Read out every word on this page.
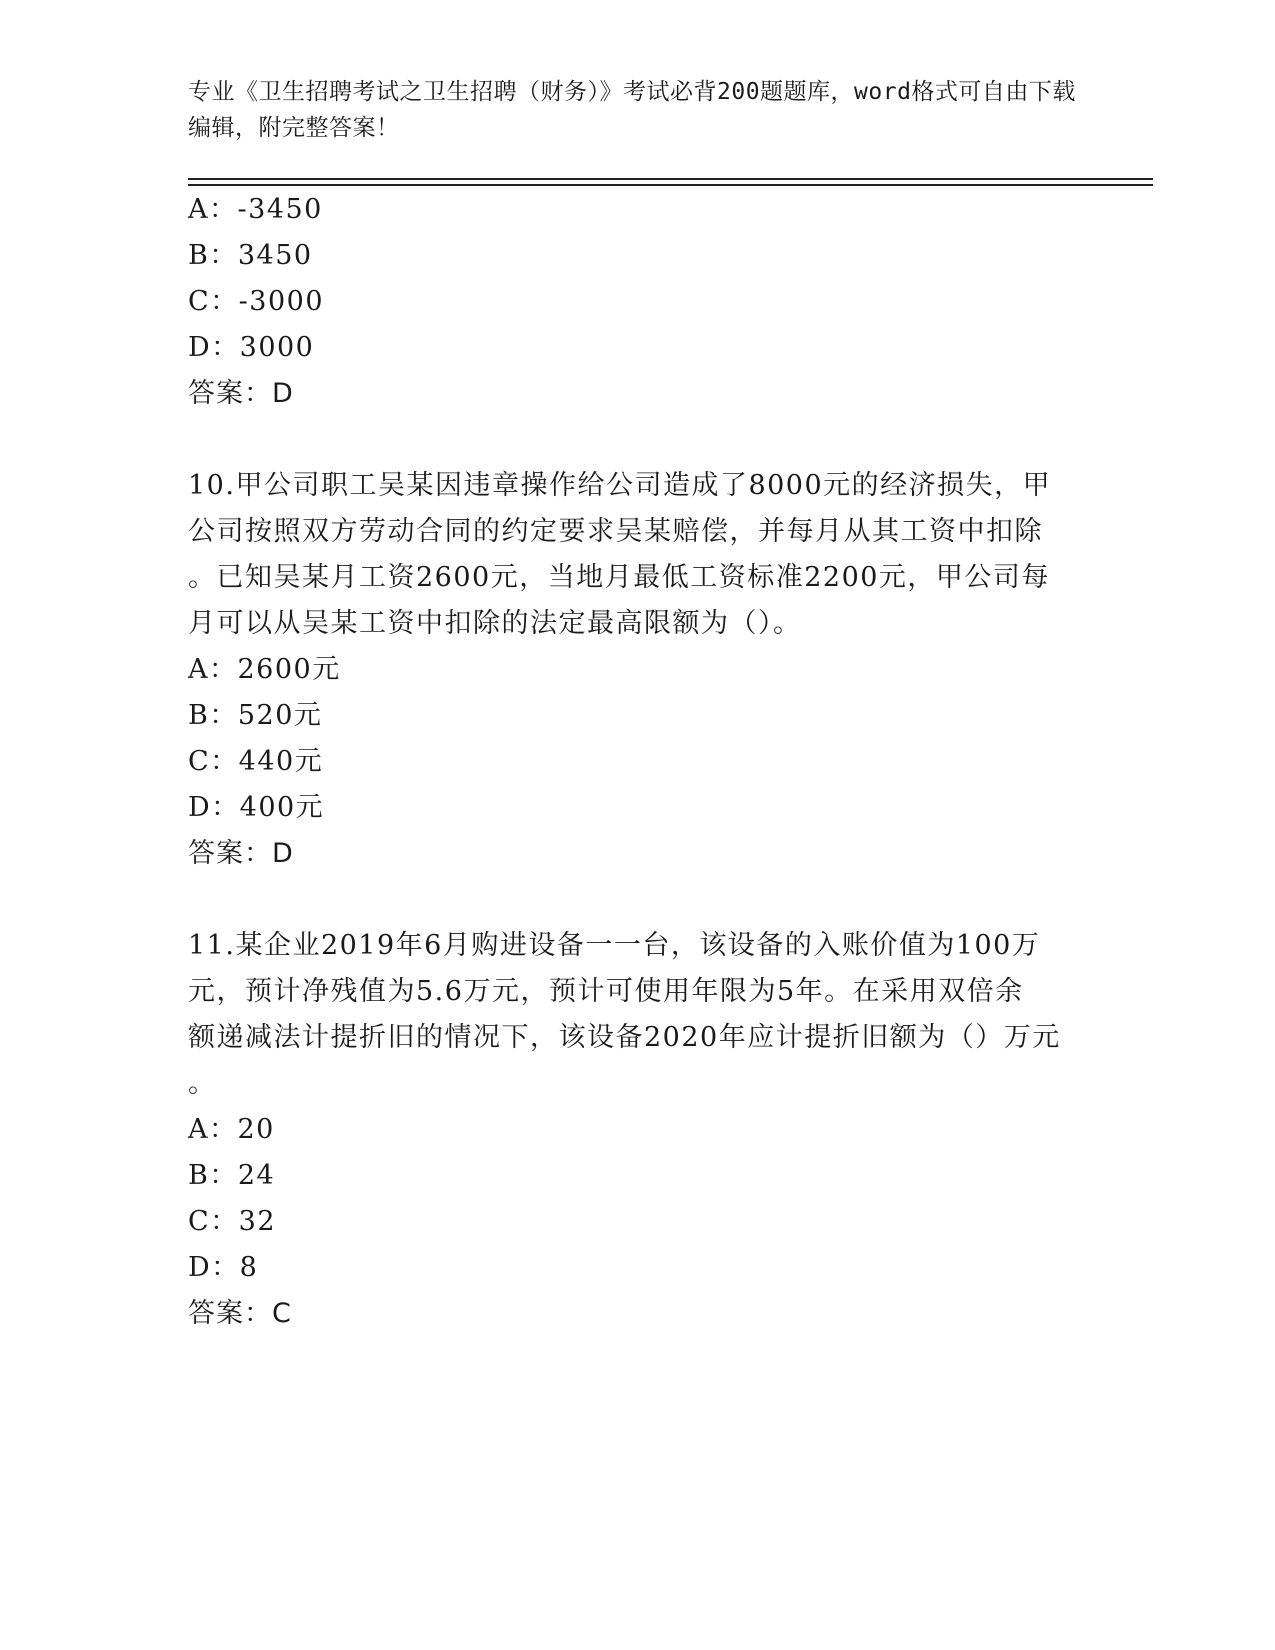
专业《卫生招聘考试之卫生招聘（财务）》考试必背200题题库，word格式可自由下载编辑，附完整答案！
A：-3450
B：3450
C：-3000
D：3000
答案：D
10.甲公司职工吴某因违章操作给公司造成了8000元的经济损失，甲
公司按照双方劳动合同的约定要求吴某赔偿，并每月从其工资中扣除
。已知吴某月工资2600元，当地月最低工资标准2200元，甲公司每
月可以从吴某工资中扣除的法定最高限额为（）。
A：2600元
B：520元
C：440元
D：400元
答案：D
11.某企业2019年6月购进设备一一台，该设备的入账价值为100万
元，预计净残值为5.6万元，预计可使用年限为5年。在采用双倍余
额递减法计提折旧的情况下，该设备2020年应计提折旧额为（）万元
。
A：20
B：24
C：32
D：8
答案：C
